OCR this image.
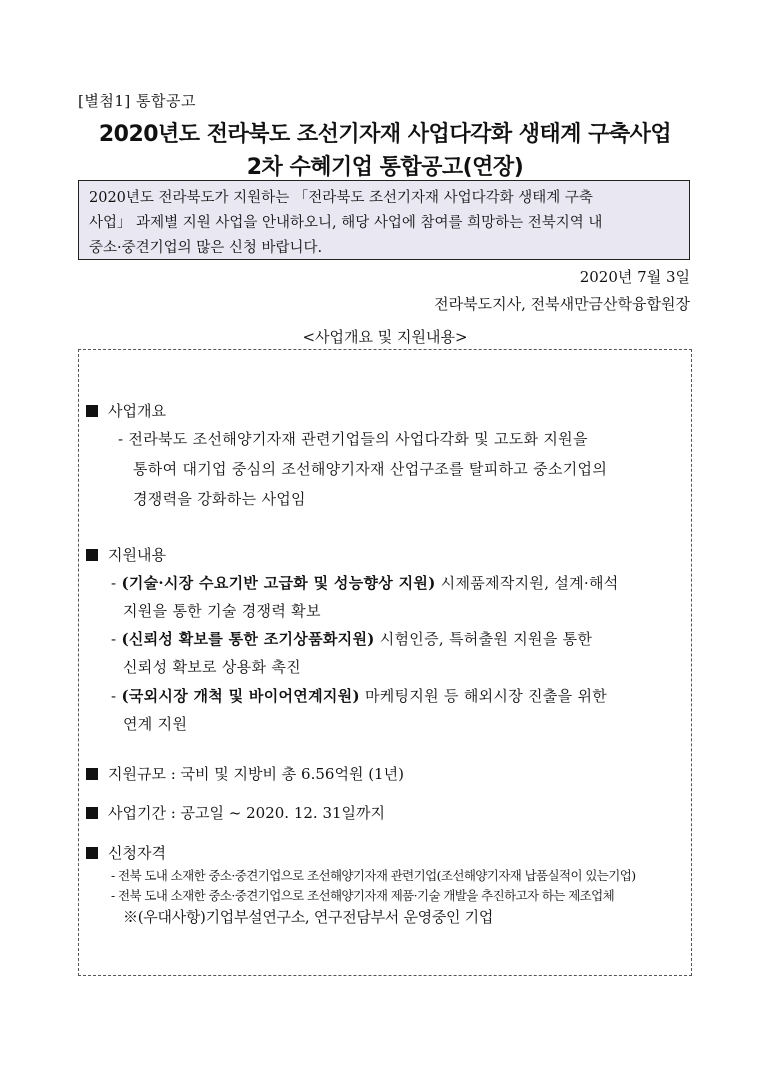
[별첨1] 통합공고
2020년도 전라북도 조선기자재 사업다각화 생태계 구축사업
2차 수혜기업 통합공고(연장)
2020년도 전라북도가 지원하는 「전라북도 조선기자재 사업다각화 생태계 구축
사업」 과제별 지원 사업을 안내하오니, 해당 사업에 참여를 희망하는 전북지역 내
중소·중견기업의 많은 신청 바랍니다.
2020년 7월 3일
전라북도지사, 전북새만금산학융합원장
<사업개요 및 지원내용>
사업개요
- 전라북도 조선해양기자재 관련기업들의 사업다각화 및 고도화 지원을
통하여 대기업 중심의 조선해양기자재 산업구조를 탈피하고 중소기업의
경쟁력을 강화하는 사업임
지원내용
- (기술·시장 수요기반 고급화 및 성능향상 지원) 시제품제작지원, 설계·해석
지원을 통한 기술 경쟁력 확보
- (신뢰성 확보를 통한 조기상품화지원) 시험인증, 특허출원 지원을 통한
신뢰성 확보로 상용화 촉진
- (국외시장 개척 및 바이어연계지원) 마케팅지원 등 해외시장 진출을 위한
연계 지원
지원규모 : 국비 및 지방비 총 6.56억원 (1년)
사업기간 : 공고일 ~ 2020. 12. 31일까지
신청자격
- 전북 도내 소재한 중소·중견기업으로 조선해양기자재 관련기업(조선해양기자재 납품실적이 있는기업)
- 전북 도내 소재한 중소·중견기업으로 조선해양기자재 제품·기술 개발을 추진하고자 하는 제조업체
※(우대사항)기업부설연구소, 연구전담부서 운영중인 기업
